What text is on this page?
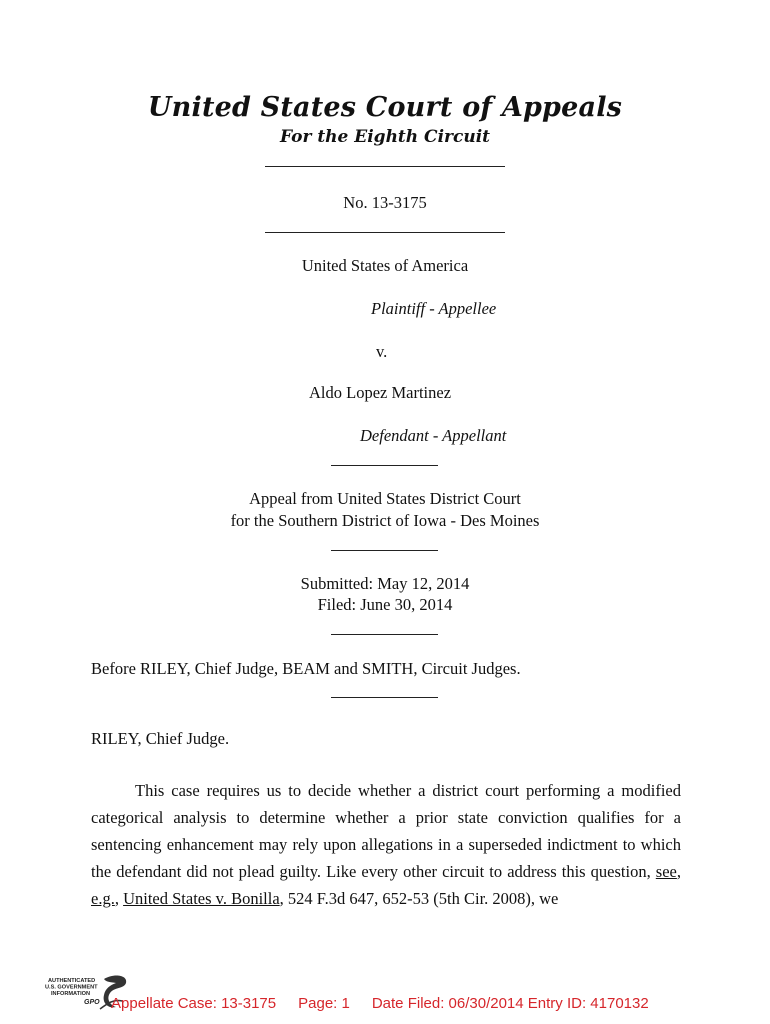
United States Court of Appeals
For the Eighth Circuit
No. 13-3175
United States of America
Plaintiff - Appellee
v.
Aldo Lopez Martinez
Defendant - Appellant
Appeal from United States District Court
for the Southern District of Iowa - Des Moines
Submitted: May 12, 2014
Filed: June 30, 2014
Before RILEY, Chief Judge, BEAM and SMITH, Circuit Judges.
RILEY, Chief Judge.
This case requires us to decide whether a district court performing a modified categorical analysis to determine whether a prior state conviction qualifies for a sentencing enhancement may rely upon allegations in a superseded indictment to which the defendant did not plead guilty. Like every other circuit to address this question, see, e.g., United States v. Bonilla, 524 F.3d 647, 652-53 (5th Cir. 2008), we
AUTHENTICATED
U.S. GOVERNMENT
INFORMATION
GPO Appellate Case: 13-3175 Page: 1 Date Filed: 06/30/2014 Entry ID: 4170132
